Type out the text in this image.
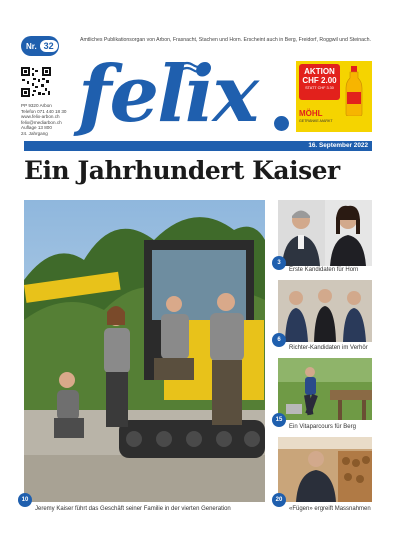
Nr. 32
Amtliches Publikationsorgan von Arbon, Frasnacht, Stachen und Horn. Erscheint auch in Berg, Freidorf, Roggwil und Steinach.
PP 9320 Arbon
Telefon 071 440 18 30
www.felix-arbon.ch
felix@mediarbon.ch
Auflage 13 800
24. Jahrgang felix	AKTION
CHF 2.00
STATT CHF 3.30
MÖHL
GETRÄNKE-MARKT
16. September 2022
Ein Jahrhundert Kaiser
10
Jeremy Kaiser führt das Geschäft seiner Familie in der vierten Generation
3
Erste Kandidaten für Horn
6
Richter-Kandidaten im Verhör
15
Ein Vitaparcours für Berg
20
«Fügen» ergreift Massnahmen
